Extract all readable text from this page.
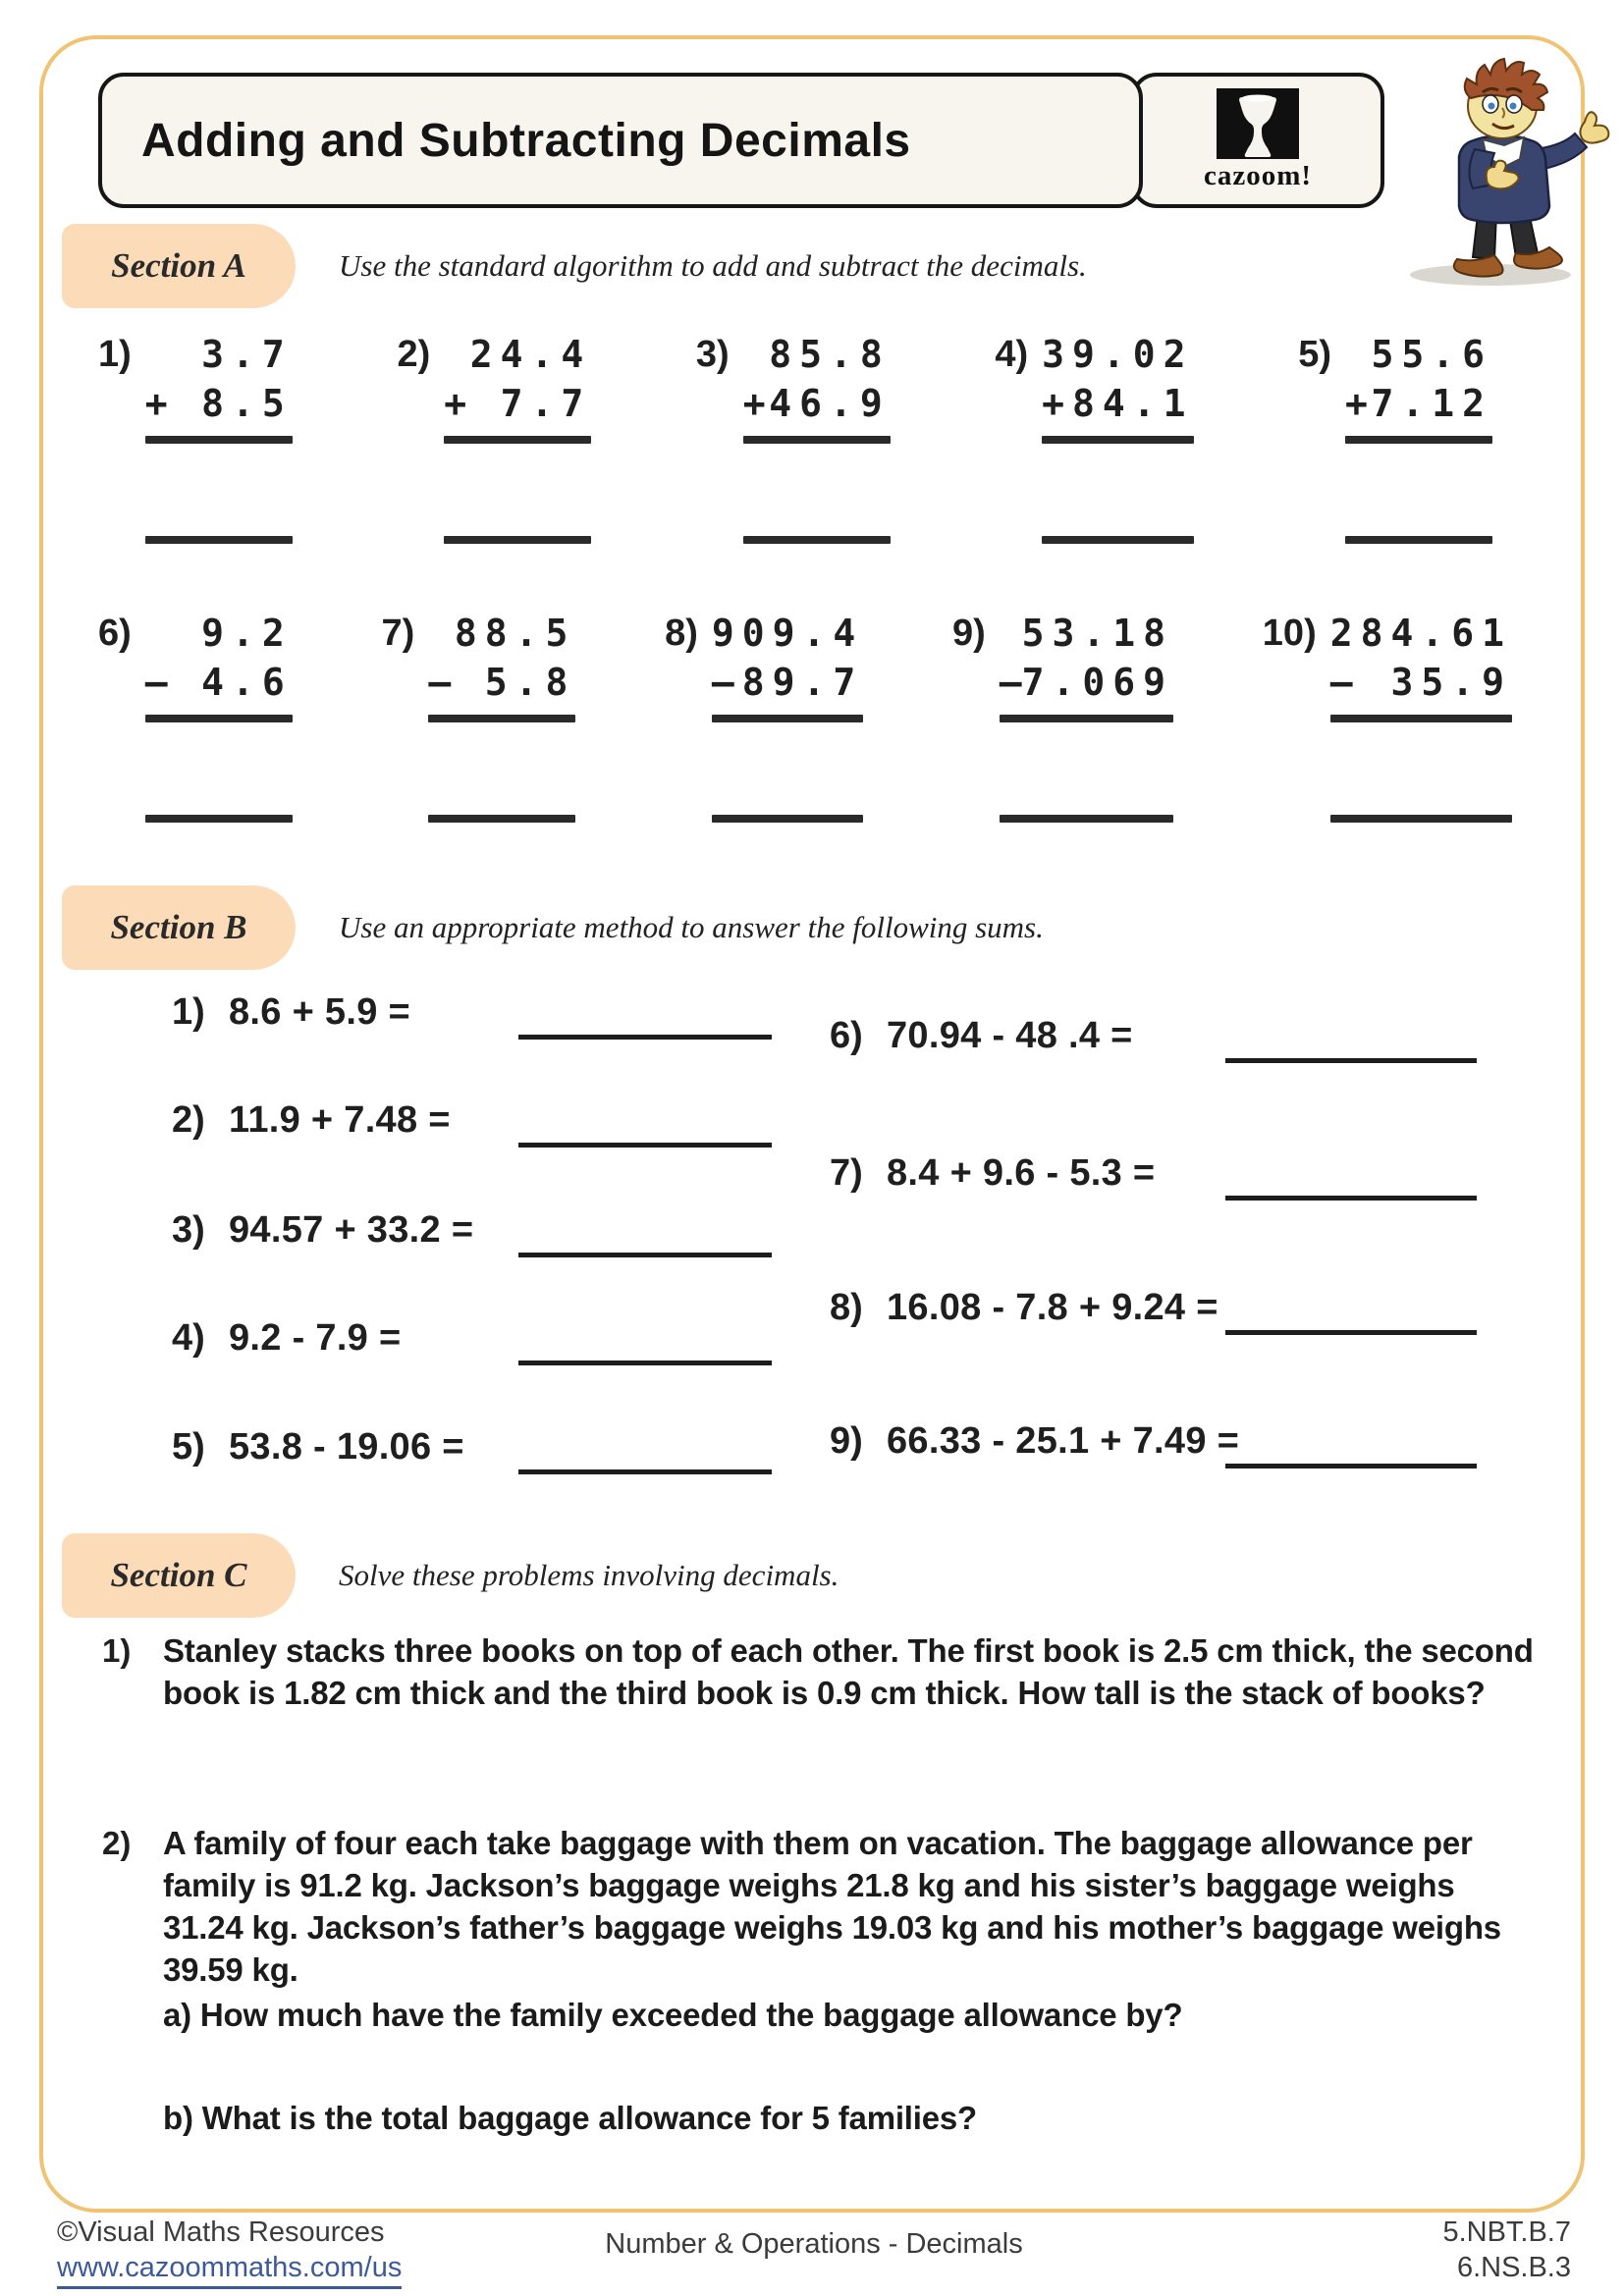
Adding and Subtracting Decimals
cazoom!
Section A	Use the standard algorithm to add and subtract the decimals.
1)	3.7
+ 8.5
2)	24.4
+ 7.7
3)	85.8
+ 46.9
4) 39.02
+ 84.1
5)	55.6
+ 7.12
6)	9.2
– 4.6
7)	88.5
– 5.8
8) 909.4
– 89.7
9) 53.18
– 7.069
10) 284.61
– 35.9
Section B	Use an appropriate method to answer the following sums.
1) 8.6 + 5.9 =
2) 11.9 + 7.48 =
3) 94.57 + 33.2 =
4) 9.2 - 7.9 =
5) 53.8 - 19.06 =
6) 70.94 - 48 .4 =
7) 8.4 + 9.6 - 5.3 =
8) 16.08 - 7.8 + 9.24 =
9) 66.33 - 25.1 + 7.49 =
Section C	Solve these problems involving decimals.
1) Stanley stacks three books on top of each other. The first book is 2.5 cm thick, the second book is 1.82 cm thick and the third book is 0.9 cm thick. How tall is the stack of books?
2) A family of four each take baggage with them on vacation. The baggage allowance per family is 91.2 kg. Jackson’s baggage weighs 21.8 kg and his sister’s baggage weighs 31.24 kg. Jackson’s father’s baggage weighs 19.03 kg and his mother’s baggage weighs 39.59 kg.
a) How much have the family exceeded the baggage allowance by?
b) What is the total baggage allowance for 5 families?
©Visual Maths Resources
www.cazoommaths.com/us
Number & Operations - Decimals	5.NBT.B.7
6.NS.B.3
